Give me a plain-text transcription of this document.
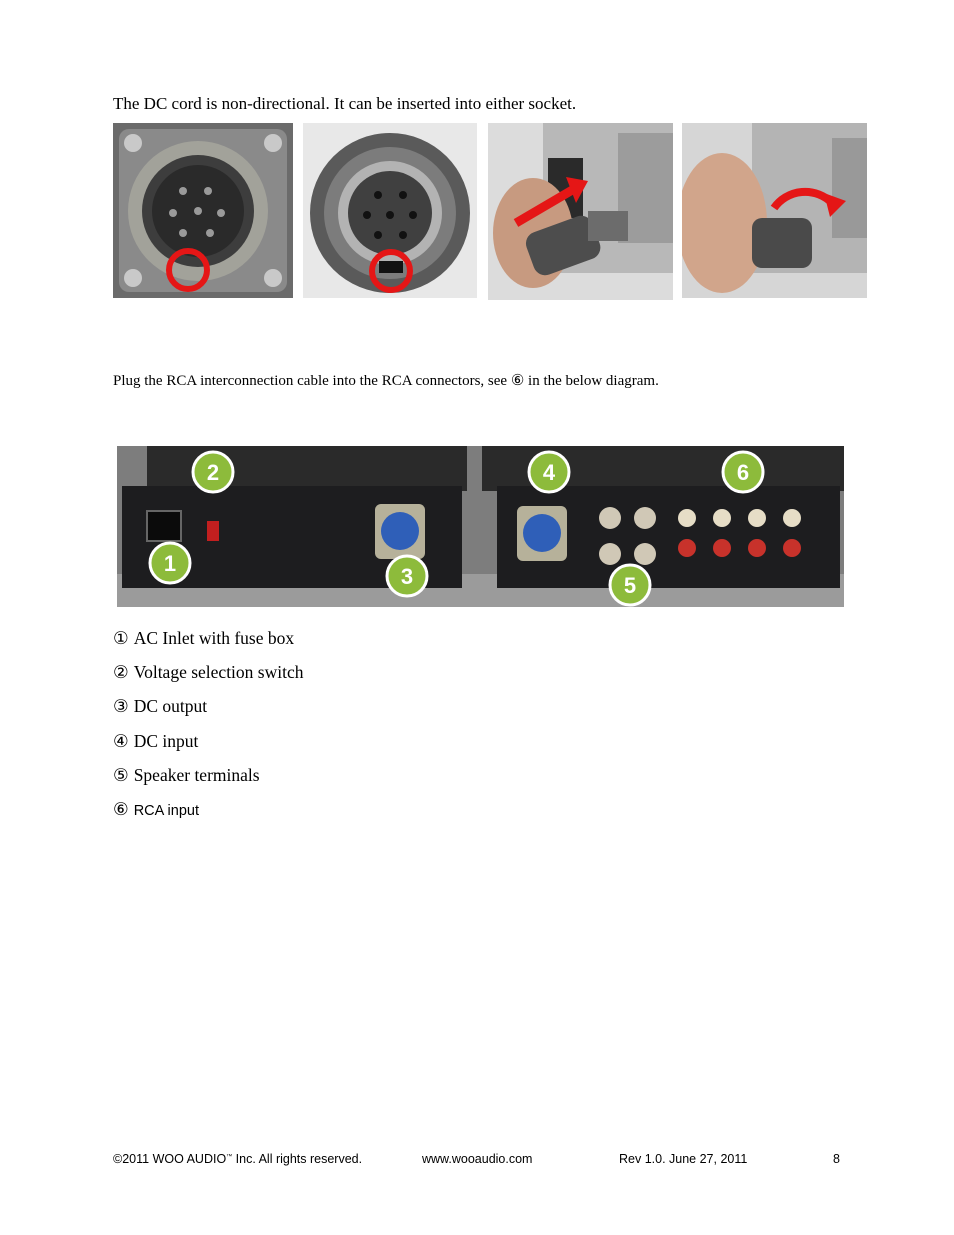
The DC cord is non-directional. It can be inserted into either socket.
Plug the RCA interconnection cable into the RCA connectors, see ⑥ in the below diagram.
1
2
3
4
5
6
① AC Inlet with fuse box
② Voltage selection switch
③ DC output
④ DC input
⑤ Speaker terminals
⑥ RCA input
©2011 WOO AUDIO™ Inc. All rights reserved.	www.wooaudio.com	Rev 1.0. June 27, 2011	8
